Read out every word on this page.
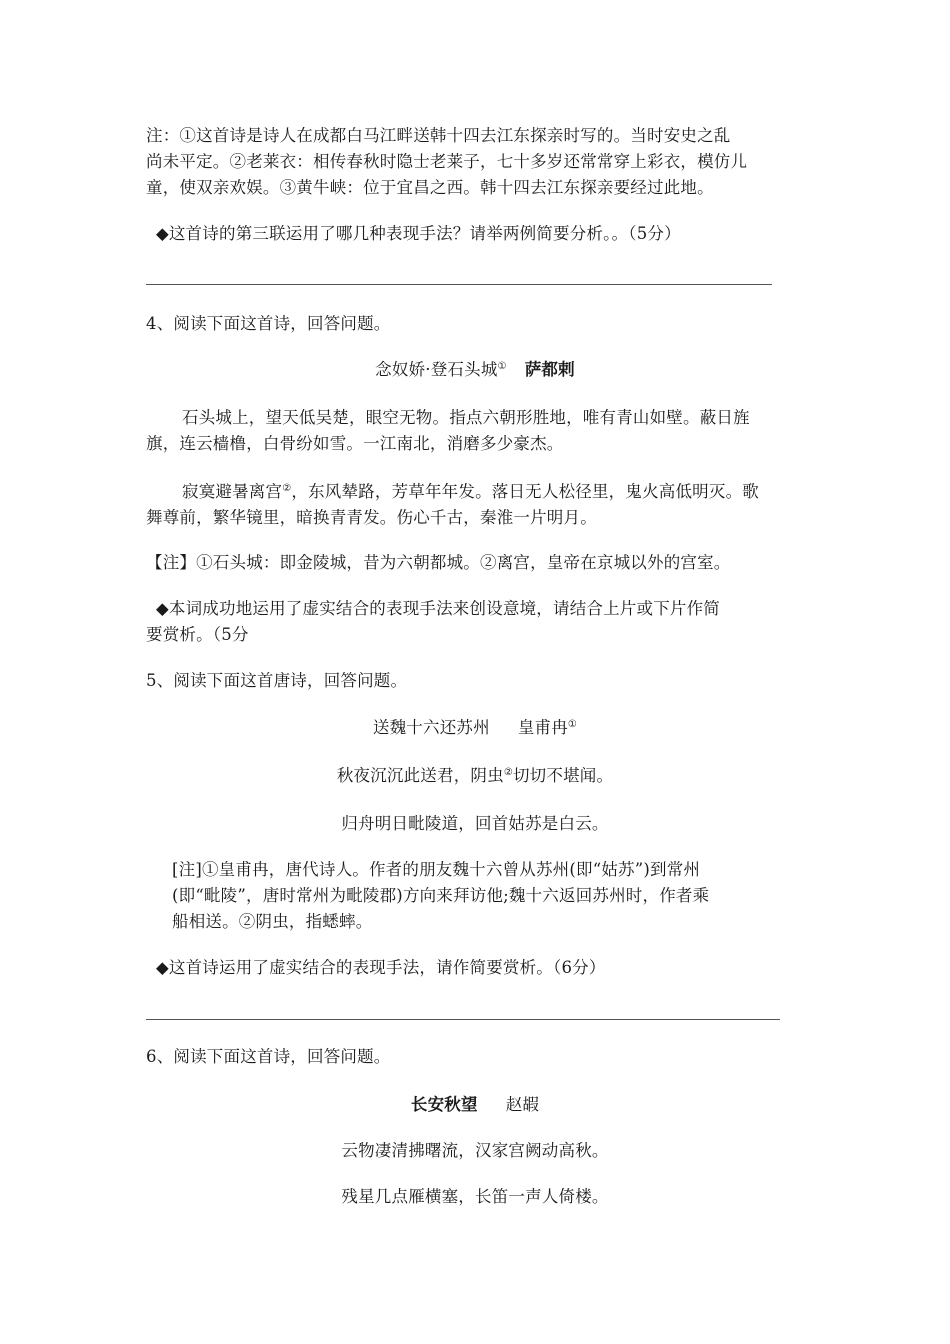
注：①这首诗是诗人在成都白马江畔送韩十四去江东探亲时写的。当时安史之乱
尚未平定。②老莱衣：相传春秋时隐士老莱子，七十多岁还常常穿上彩衣，模仿儿
童，使双亲欢娱。③黄牛峡：位于宜昌之西。韩十四去江东探亲要经过此地。
◆这首诗的第三联运用了哪几种表现手法？请举两例简要分析。。（5分）
4、阅读下面这首诗，回答问题。
念奴娇·登石头城① 萨都剌
石头城上，望天低吴楚，眼空无物。指点六朝形胜地，唯有青山如壁。蔽日旌
旗，连云樯橹，白骨纷如雪。一江南北，消磨多少豪杰。
寂寞避暑离宫②，东风辇路，芳草年年发。落日无人松径里，鬼火高低明灭。歌
舞尊前，繁华镜里，暗换青青发。伤心千古，秦淮一片明月。
【注】①石头城：即金陵城，昔为六朝都城。②离宫，皇帝在京城以外的宫室。
◆本词成功地运用了虚实结合的表现手法来创设意境，请结合上片或下片作简
要赏析。（5分
5、阅读下面这首唐诗，回答问题。
送魏十六还苏州 皇甫冉①
秋夜沉沉此送君，阴虫②切切不堪闻。
归舟明日毗陵道，回首姑苏是白云。
[注]①皇甫冉，唐代诗人。作者的朋友魏十六曾从苏州(即“姑苏”)到常州
(即“毗陵”，唐时常州为毗陵郡)方向来拜访他;魏十六返回苏州时，作者乘
船相送。②阴虫，指蟋蟀。
◆这首诗运用了虚实结合的表现手法，请作简要赏析。（6分）
6、阅读下面这首诗，回答问题。
长安秋望 赵嘏
云物凄清拂曙流，汉家宫阙动高秋。
残星几点雁横塞，长笛一声人倚楼。
